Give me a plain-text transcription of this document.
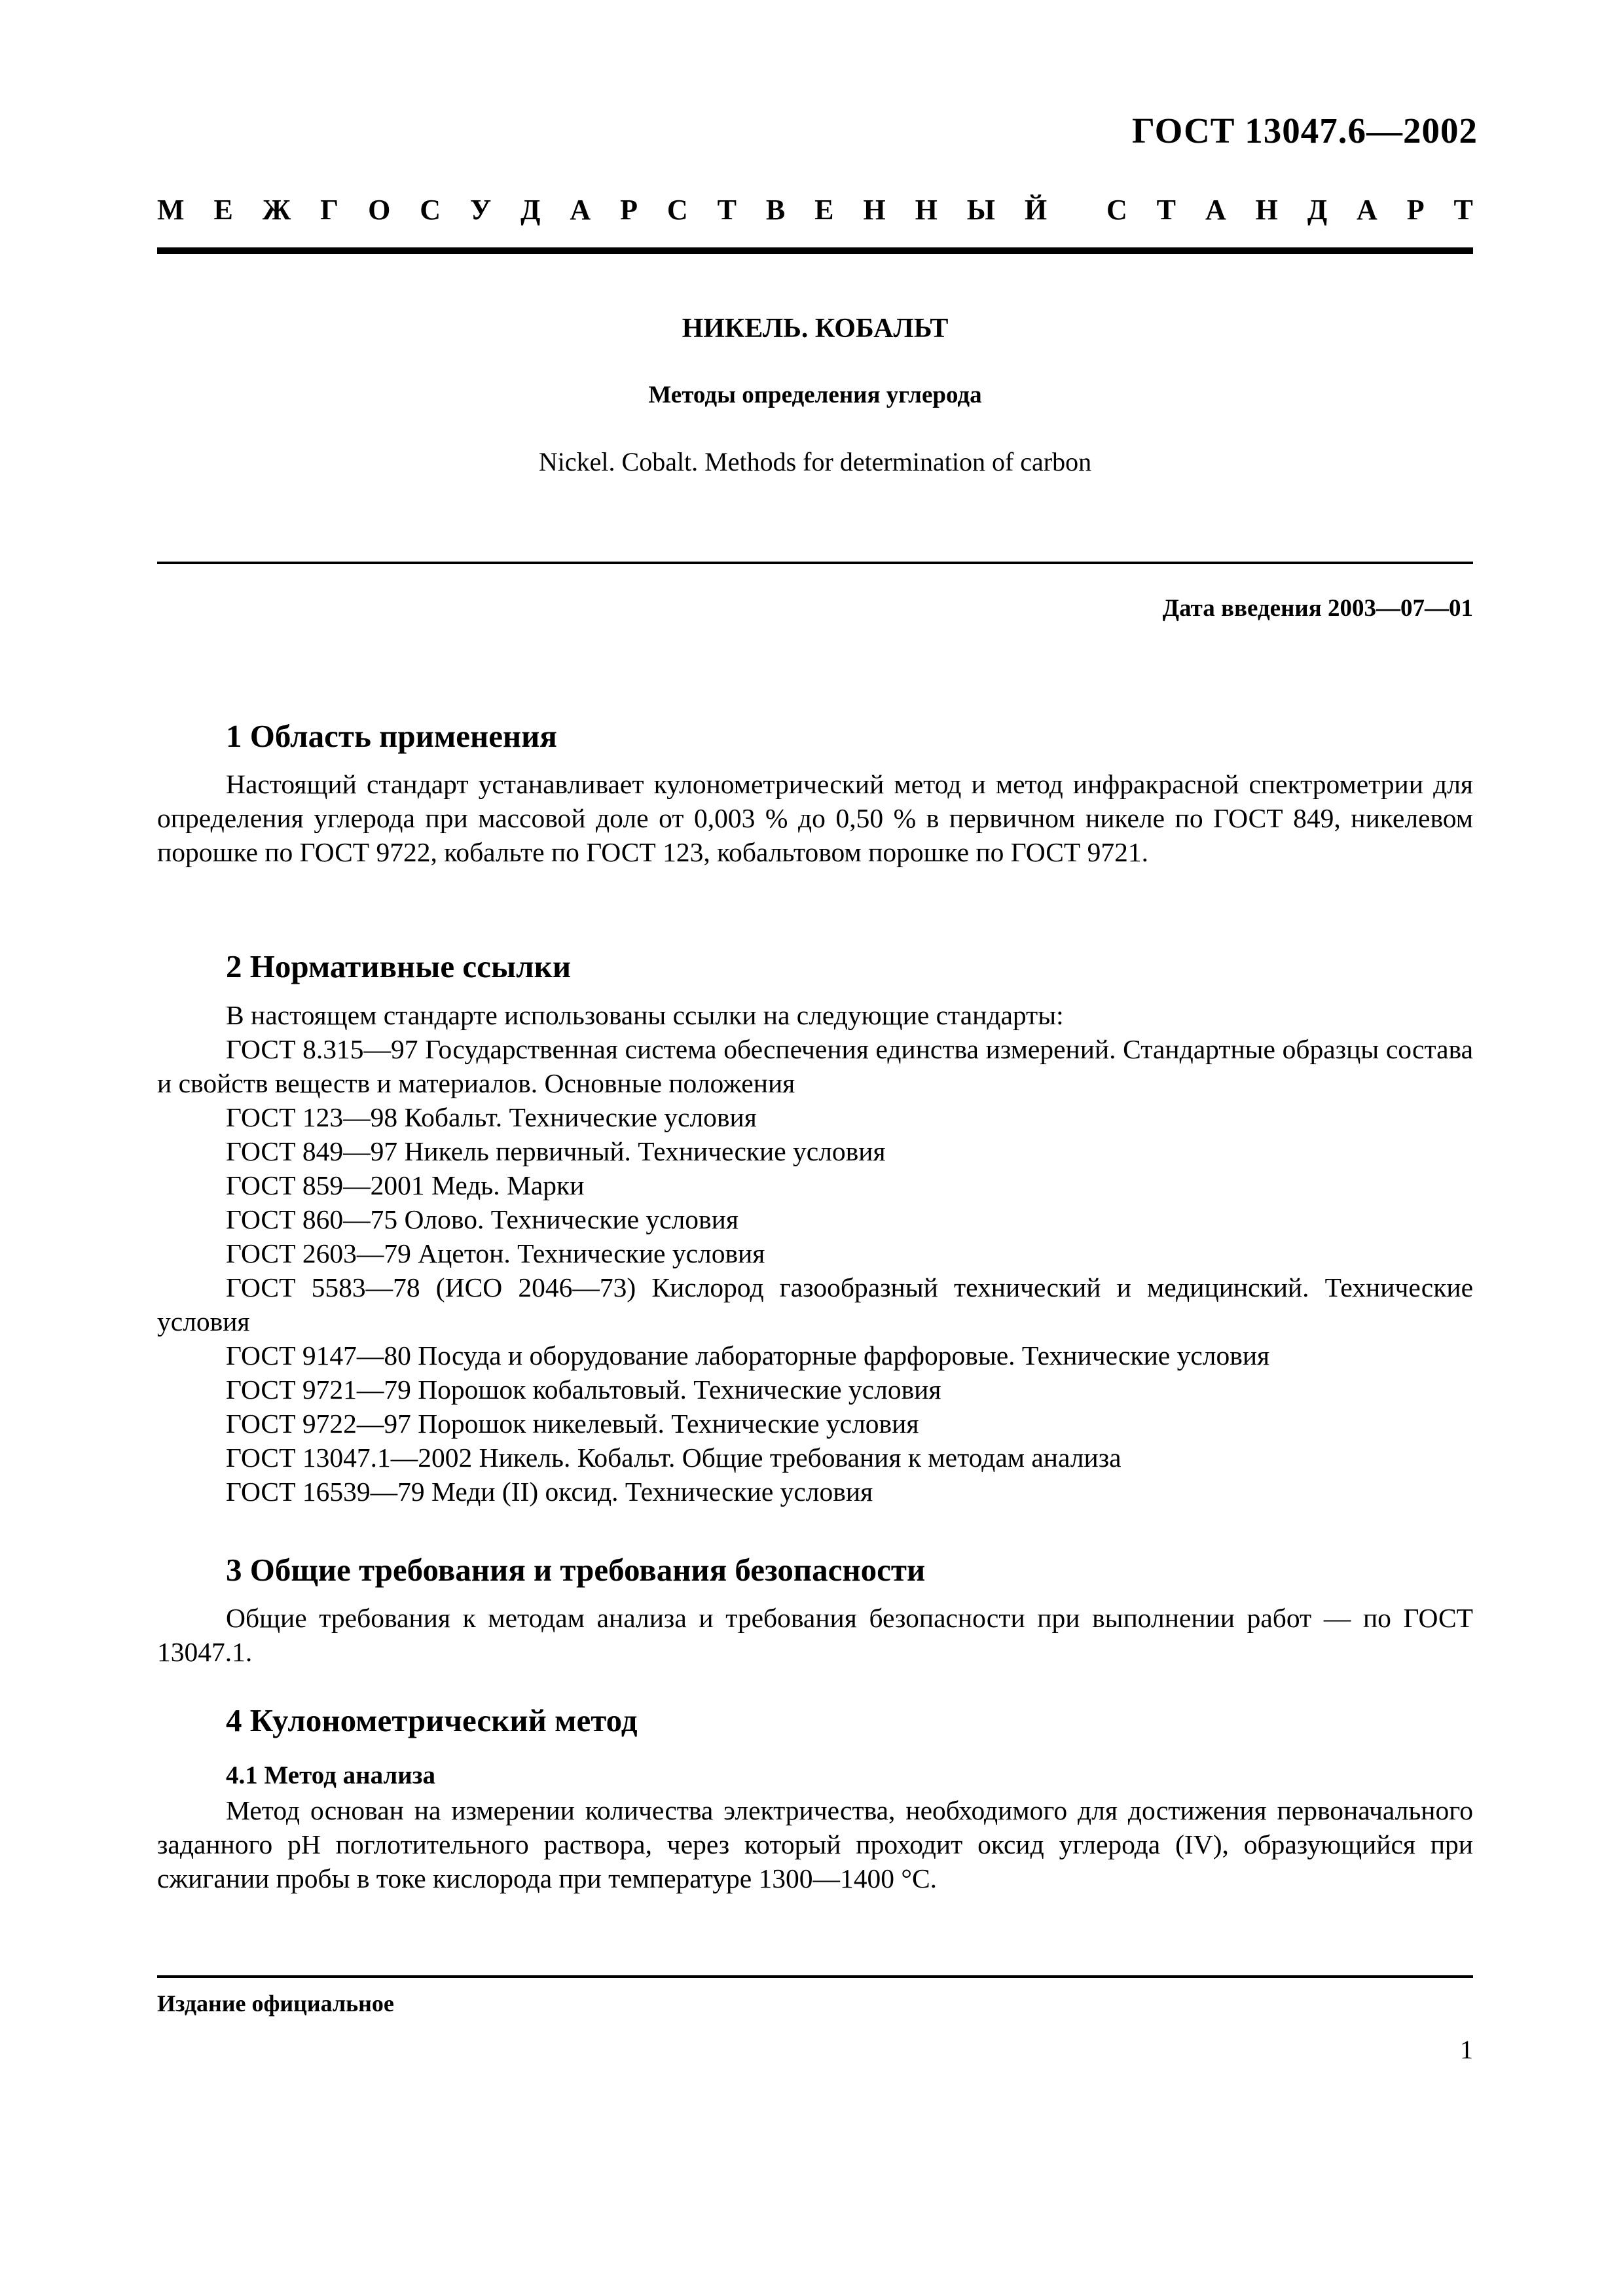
ГОСТ 13047.6—2002
М Е Ж Г О С У Д А Р С Т В Е Н Н Ы Й С Т А Н Д А Р Т
НИКЕЛЬ. КОБАЛЬТ
Методы определения углерода
Nickel. Cobalt. Methods for determination of carbon
Дата введения 2003—07—01
1 Область применения
Настоящий стандарт устанавливает кулонометрический метод и метод инфракрасной спектрометрии для определения углерода при массовой доле от 0,003 % до 0,50 % в первичном никеле по ГОСТ 849, никелевом порошке по ГОСТ 9722, кобальте по ГОСТ 123, кобальтовом порошке по ГОСТ 9721.
2 Нормативные ссылки
В настоящем стандарте использованы ссылки на следующие стандарты:
ГОСТ 8.315—97 Государственная система обеспечения единства измерений. Стандартные образцы состава и свойств веществ и материалов. Основные положения
ГОСТ 123—98 Кобальт. Технические условия
ГОСТ 849—97 Никель первичный. Технические условия
ГОСТ 859—2001 Медь. Марки
ГОСТ 860—75 Олово. Технические условия
ГОСТ 2603—79 Ацетон. Технические условия
ГОСТ 5583—78 (ИСО 2046—73) Кислород газообразный технический и медицинский. Технические условия
ГОСТ 9147—80 Посуда и оборудование лабораторные фарфоровые. Технические условия
ГОСТ 9721—79 Порошок кобальтовый. Технические условия
ГОСТ 9722—97 Порошок никелевый. Технические условия
ГОСТ 13047.1—2002 Никель. Кобальт. Общие требования к методам анализа
ГОСТ 16539—79 Меди (II) оксид. Технические условия
3 Общие требования и требования безопасности
Общие требования к методам анализа и требования безопасности при выполнении работ — по ГОСТ 13047.1.
4 Кулонометрический метод
4.1 Метод анализа
Метод основан на измерении количества электричества, необходимого для достижения первоначального заданного pH поглотительного раствора, через который проходит оксид углерода (IV), образующийся при сжигании пробы в токе кислорода при температуре 1300—1400 °C.
Издание официальное
1
